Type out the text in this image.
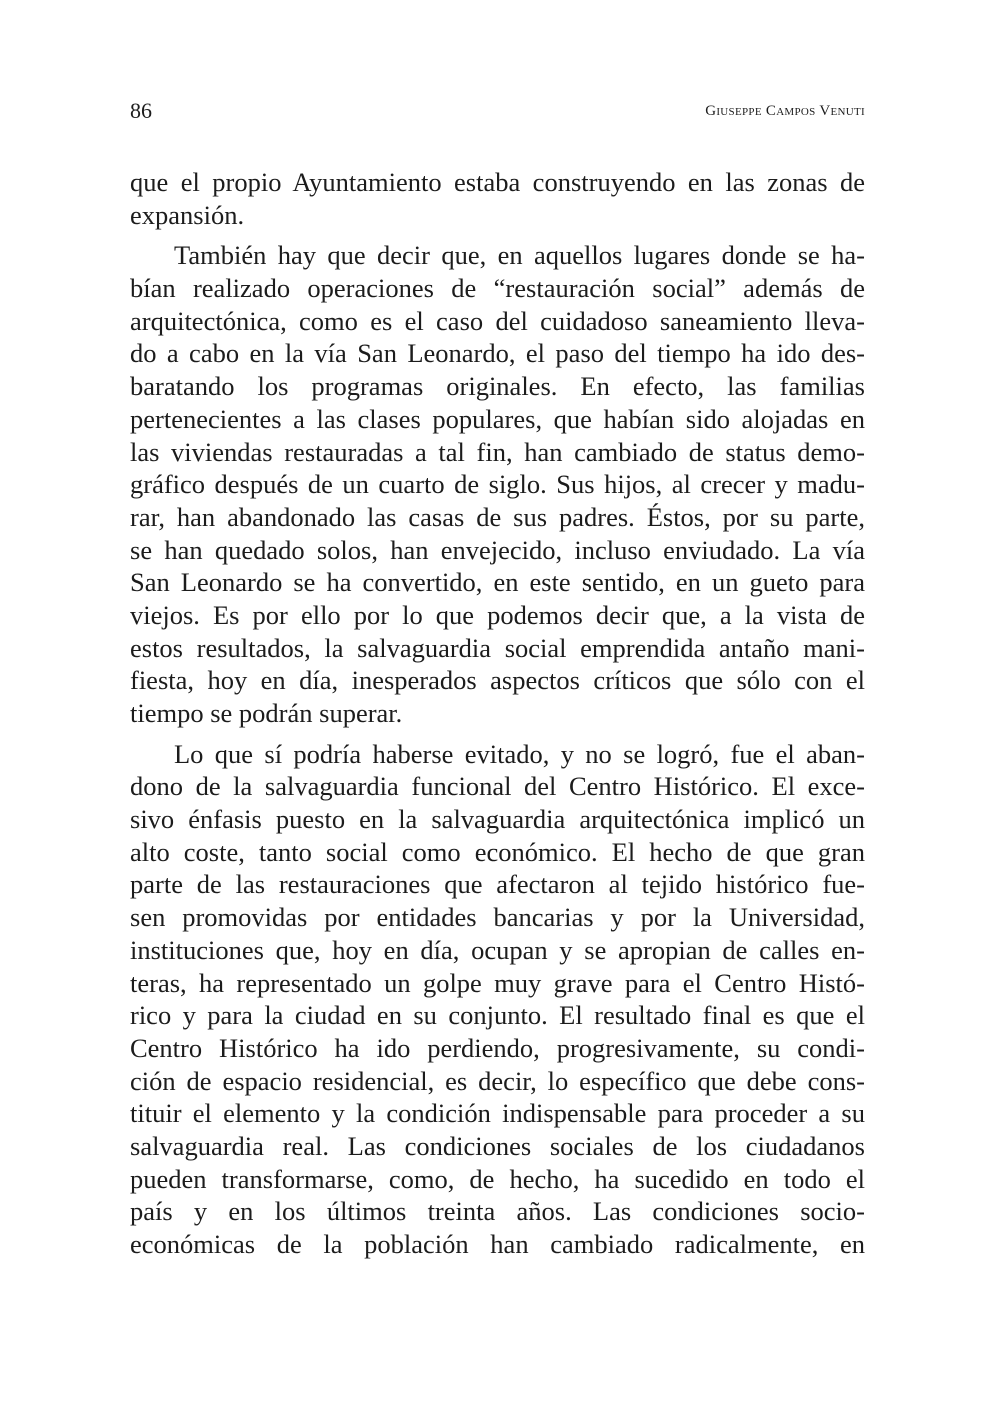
86	Giuseppe Campos Venuti
que el propio Ayuntamiento estaba construyendo en las zonas de
expansión.
También hay que decir que, en aquellos lugares donde se ha-
bían realizado operaciones de “restauración social” además de
arquitectónica, como es el caso del cuidadoso saneamiento lleva-
do a cabo en la vía San Leonardo, el paso del tiempo ha ido des-
baratando los programas originales. En efecto, las familias
pertenecientes a las clases populares, que habían sido alojadas en
las viviendas restauradas a tal fin, han cambiado de status demo-
gráfico después de un cuarto de siglo. Sus hijos, al crecer y madu-
rar, han abandonado las casas de sus padres. Éstos, por su parte,
se han quedado solos, han envejecido, incluso enviudado. La vía
San Leonardo se ha convertido, en este sentido, en un gueto para
viejos. Es por ello por lo que podemos decir que, a la vista de
estos resultados, la salvaguardia social emprendida antaño mani-
fiesta, hoy en día, inesperados aspectos críticos que sólo con el
tiempo se podrán superar.
Lo que sí podría haberse evitado, y no se logró, fue el aban-
dono de la salvaguardia funcional del Centro Histórico. El exce-
sivo énfasis puesto en la salvaguardia arquitectónica implicó un
alto coste, tanto social como económico. El hecho de que gran
parte de las restauraciones que afectaron al tejido histórico fue-
sen promovidas por entidades bancarias y por la Universidad,
instituciones que, hoy en día, ocupan y se apropian de calles en-
teras, ha representado un golpe muy grave para el Centro Histó-
rico y para la ciudad en su conjunto. El resultado final es que el
Centro Histórico ha ido perdiendo, progresivamente, su condi-
ción de espacio residencial, es decir, lo específico que debe cons-
tituir el elemento y la condición indispensable para proceder a su
salvaguardia real. Las condiciones sociales de los ciudadanos
pueden transformarse, como, de hecho, ha sucedido en todo el
país y en los últimos treinta años. Las condiciones socio-
económicas de la población han cambiado radicalmente, en
